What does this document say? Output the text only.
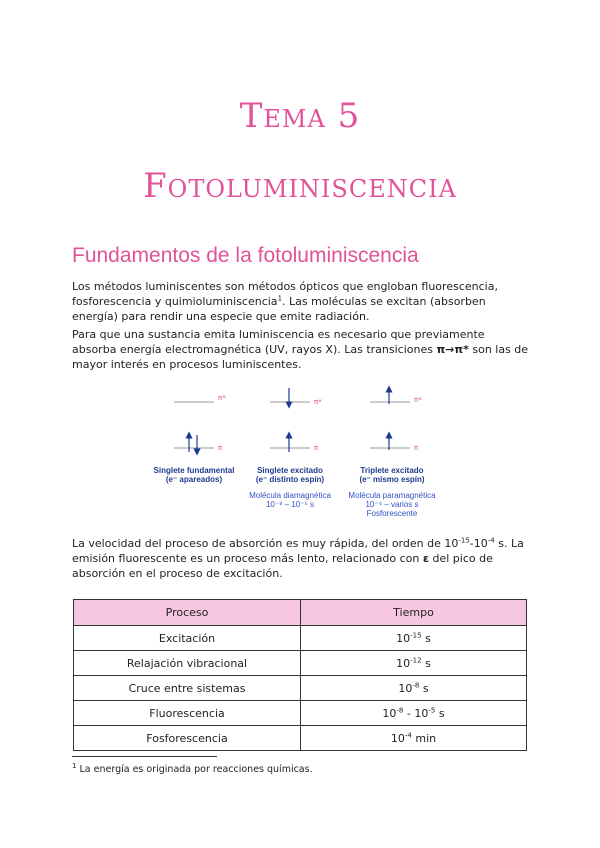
Tema 5
Fotoluminiscencia
Fundamentos de la fotoluminiscencia

Los métodos luminiscentes son métodos ópticos que engloban fluorescencia, fosforescencia y quimioluminiscencia$^1$. Las moléculas se excitan (absorben energía) para rendir una especie que emite radiación.

Para que una sustancia emita luminiscencia es necesario que previamente absorba energía electromagnética (UV, rayos X). Las transiciones π→π* son las de mayor interés en procesos luminiscentes.

π*
π
π*
π
π*
π
Singlete fundamental
(e⁻ apareados)
Singlete excitado
(e⁻ distinto espín)
Molécula diamagnética
10⁻⁸ – 10⁻⁵ s
Triplete excitado
(e⁻ mismo espín)
Molécula paramagnética
10⁻⁴ – varios s
Fosforescente

La velocidad del proceso de absorción es muy rápida, del orden de $10^{-15}-10^{-4}$ s. La emisión fluorescente es un proceso más lento, relacionado con ε del pico de absorción en el proceso de excitación.

Proceso	Tiempo
Excitación	$10^{-15}$ s
Relajación vibracional	$10^{-12}$ s
Cruce entre sistemas	$10^{-8}$ s
Fluorescencia	$10^{-8} - 10^{-5}$ s
Fosforescencia	$10^{-4}$ min

$^1$ La energía es originada por reacciones químicas.
